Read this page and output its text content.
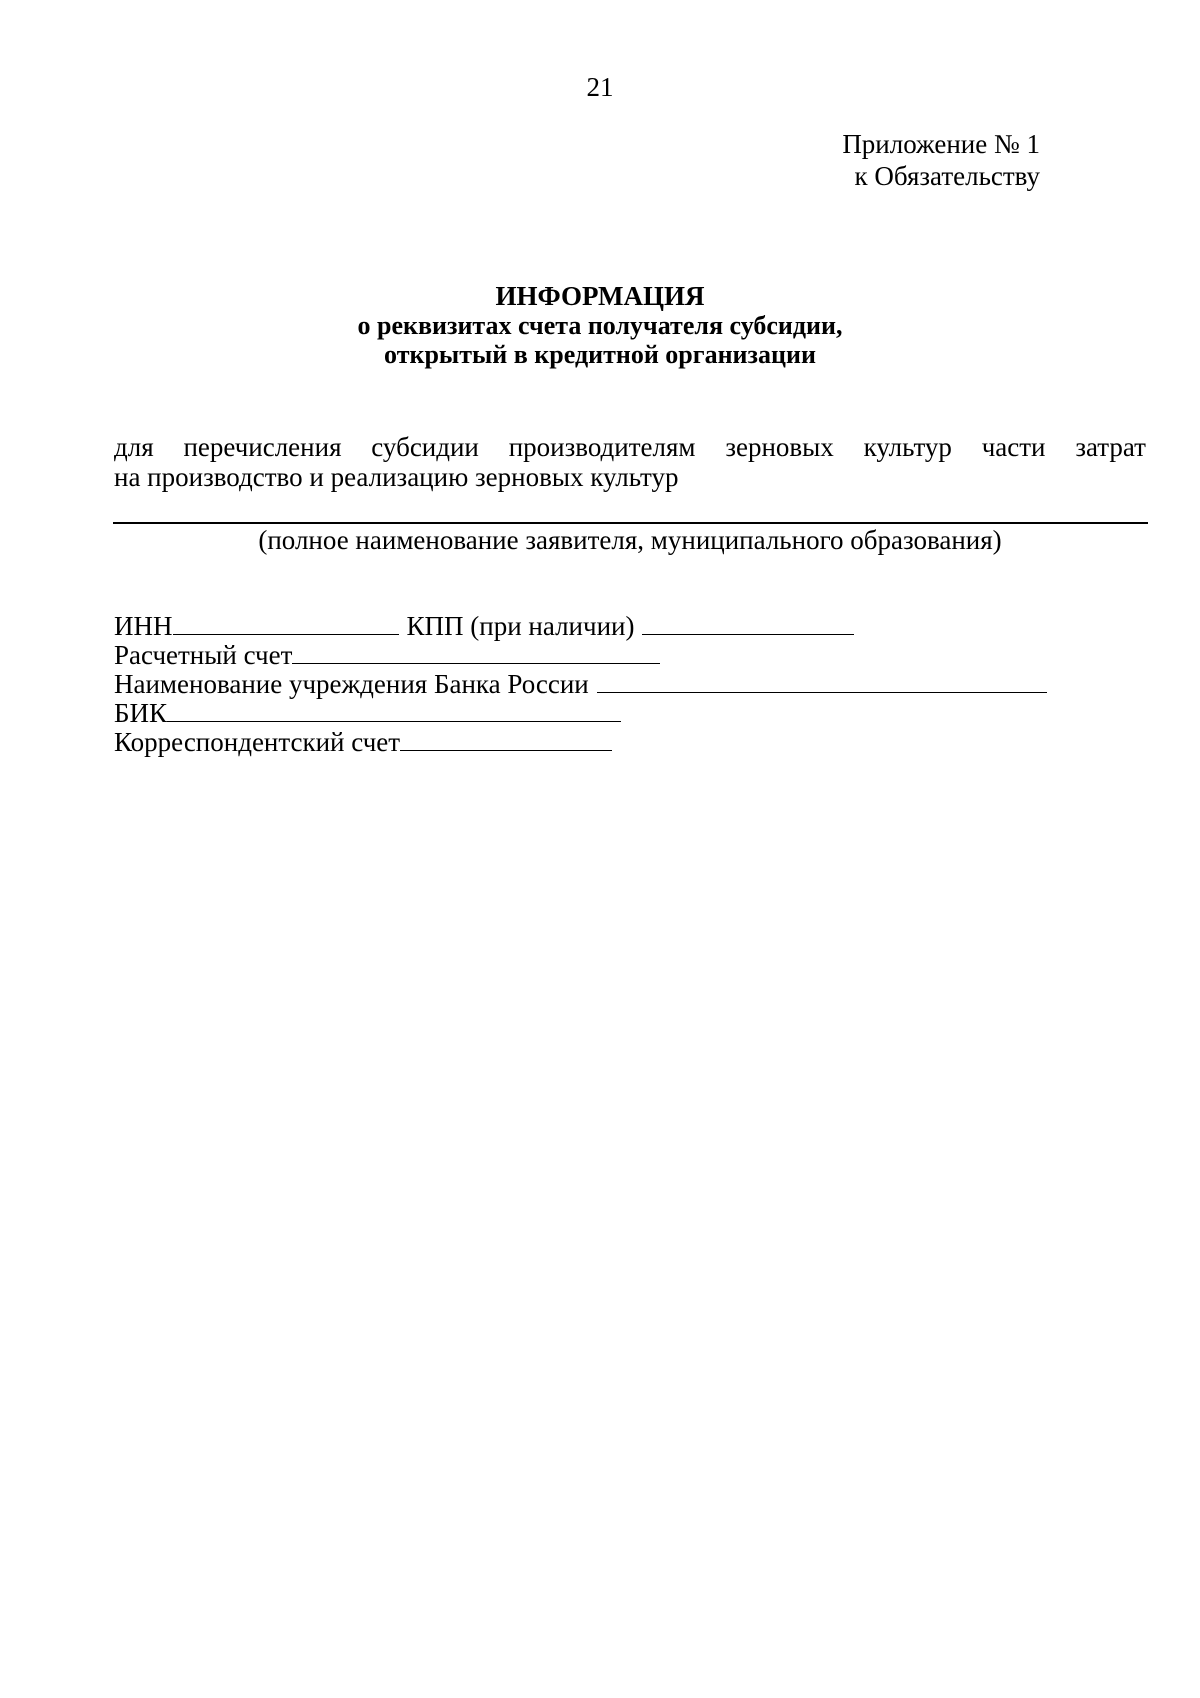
21
Приложение № 1
к Обязательству
ИНФОРМАЦИЯ
о реквизитах счета получателя субсидии,
открытый в кредитной организации
для перечисления субсидии производителям зерновых культур части затрат
на производство и реализацию зерновых культур
(полное наименование заявителя, муниципального образования)
ИНН	КПП (при наличии)
Расчетный счет
Наименование учреждения Банка России
БИК
Корреспондентский счет
